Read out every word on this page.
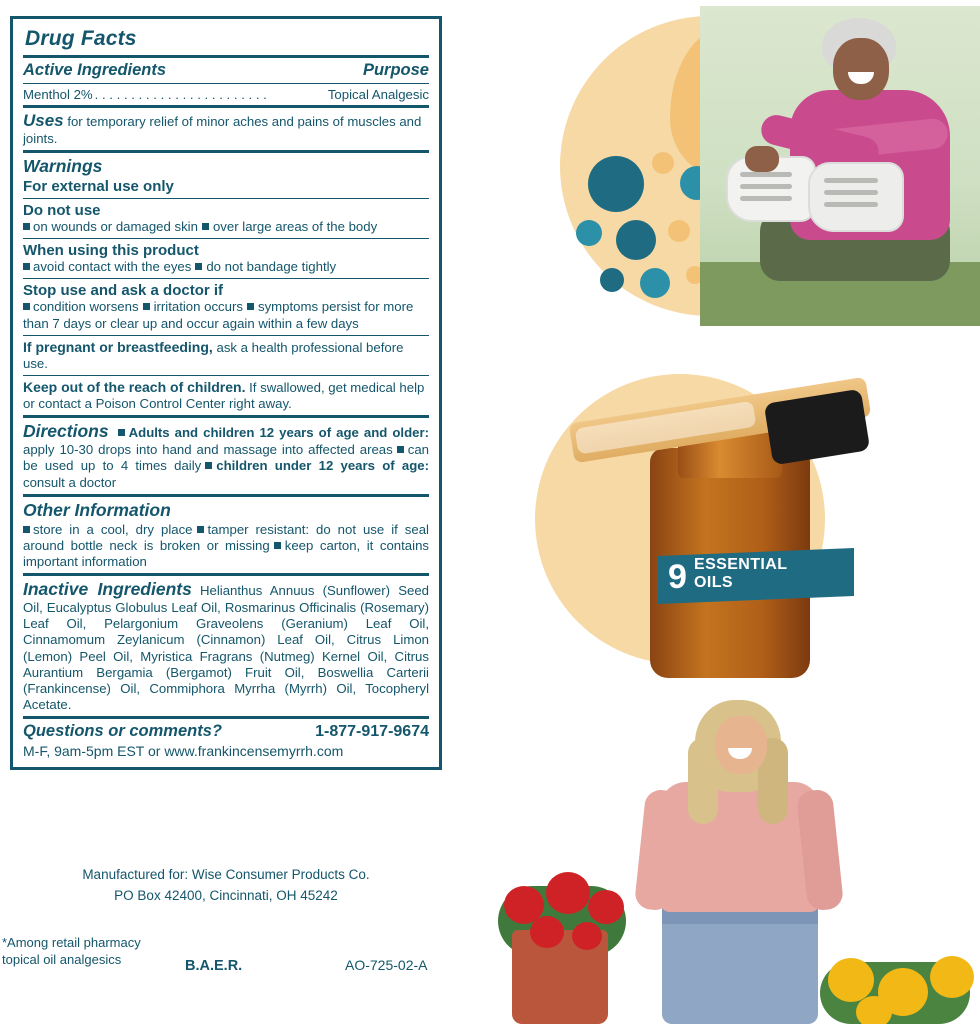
Drug Facts
Active Ingredients	Purpose
Menthol 2% . . . . . . . . . . . . . . . . . . . . . . . .	Topical Analgesic
Uses for temporary relief of minor aches and pains of muscles and joints.
Warnings
For external use only
Do not use
on wounds or damaged skin over large areas of the body
When using this product
avoid contact with the eyes do not bandage tightly
Stop use and ask a doctor if
condition worsens irritation occurs symptoms persist for more than 7 days or clear up and occur again within a few days
If pregnant or breastfeeding, ask a health professional before use.
Keep out of the reach of children. If swallowed, get medical help or contact a Poison Control Center right away.
Directions Adults and children 12 years of age and older: apply 10-30 drops into hand and massage into affected areas can be used up to 4 times daily children under 12 years of age: consult a doctor
Other Information
store in a cool, dry place tamper resistant: do not use if seal around bottle neck is broken or missing keep carton, it contains important information
Inactive Ingredients Helianthus Annuus (Sunflower) Seed Oil, Eucalyptus Globulus Leaf Oil, Rosmarinus Officinalis (Rosemary) Leaf Oil, Pelargonium Graveolens (Geranium) Leaf Oil, Cinnamomum Zeylanicum (Cinnamon) Leaf Oil, Citrus Limon (Lemon) Peel Oil, Myristica Fragrans (Nutmeg) Kernel Oil, Citrus Aurantium Bergamia (Bergamot) Fruit Oil, Boswellia Carterii (Frankincense) Oil, Commiphora Myrrha (Myrrh) Oil, Tocopheryl Acetate.
Questions or comments?	1-877-917-9674
M-F, 9am-5pm EST or www.frankincensemyrrh.com
Manufactured for: Wise Consumer Products Co.
PO Box 42400, Cincinnati, OH 45242
*Among retail pharmacy
topical oil analgesics	B.A.E.R.	AO-725-02-A
9 ESSENTIAL
OILS
